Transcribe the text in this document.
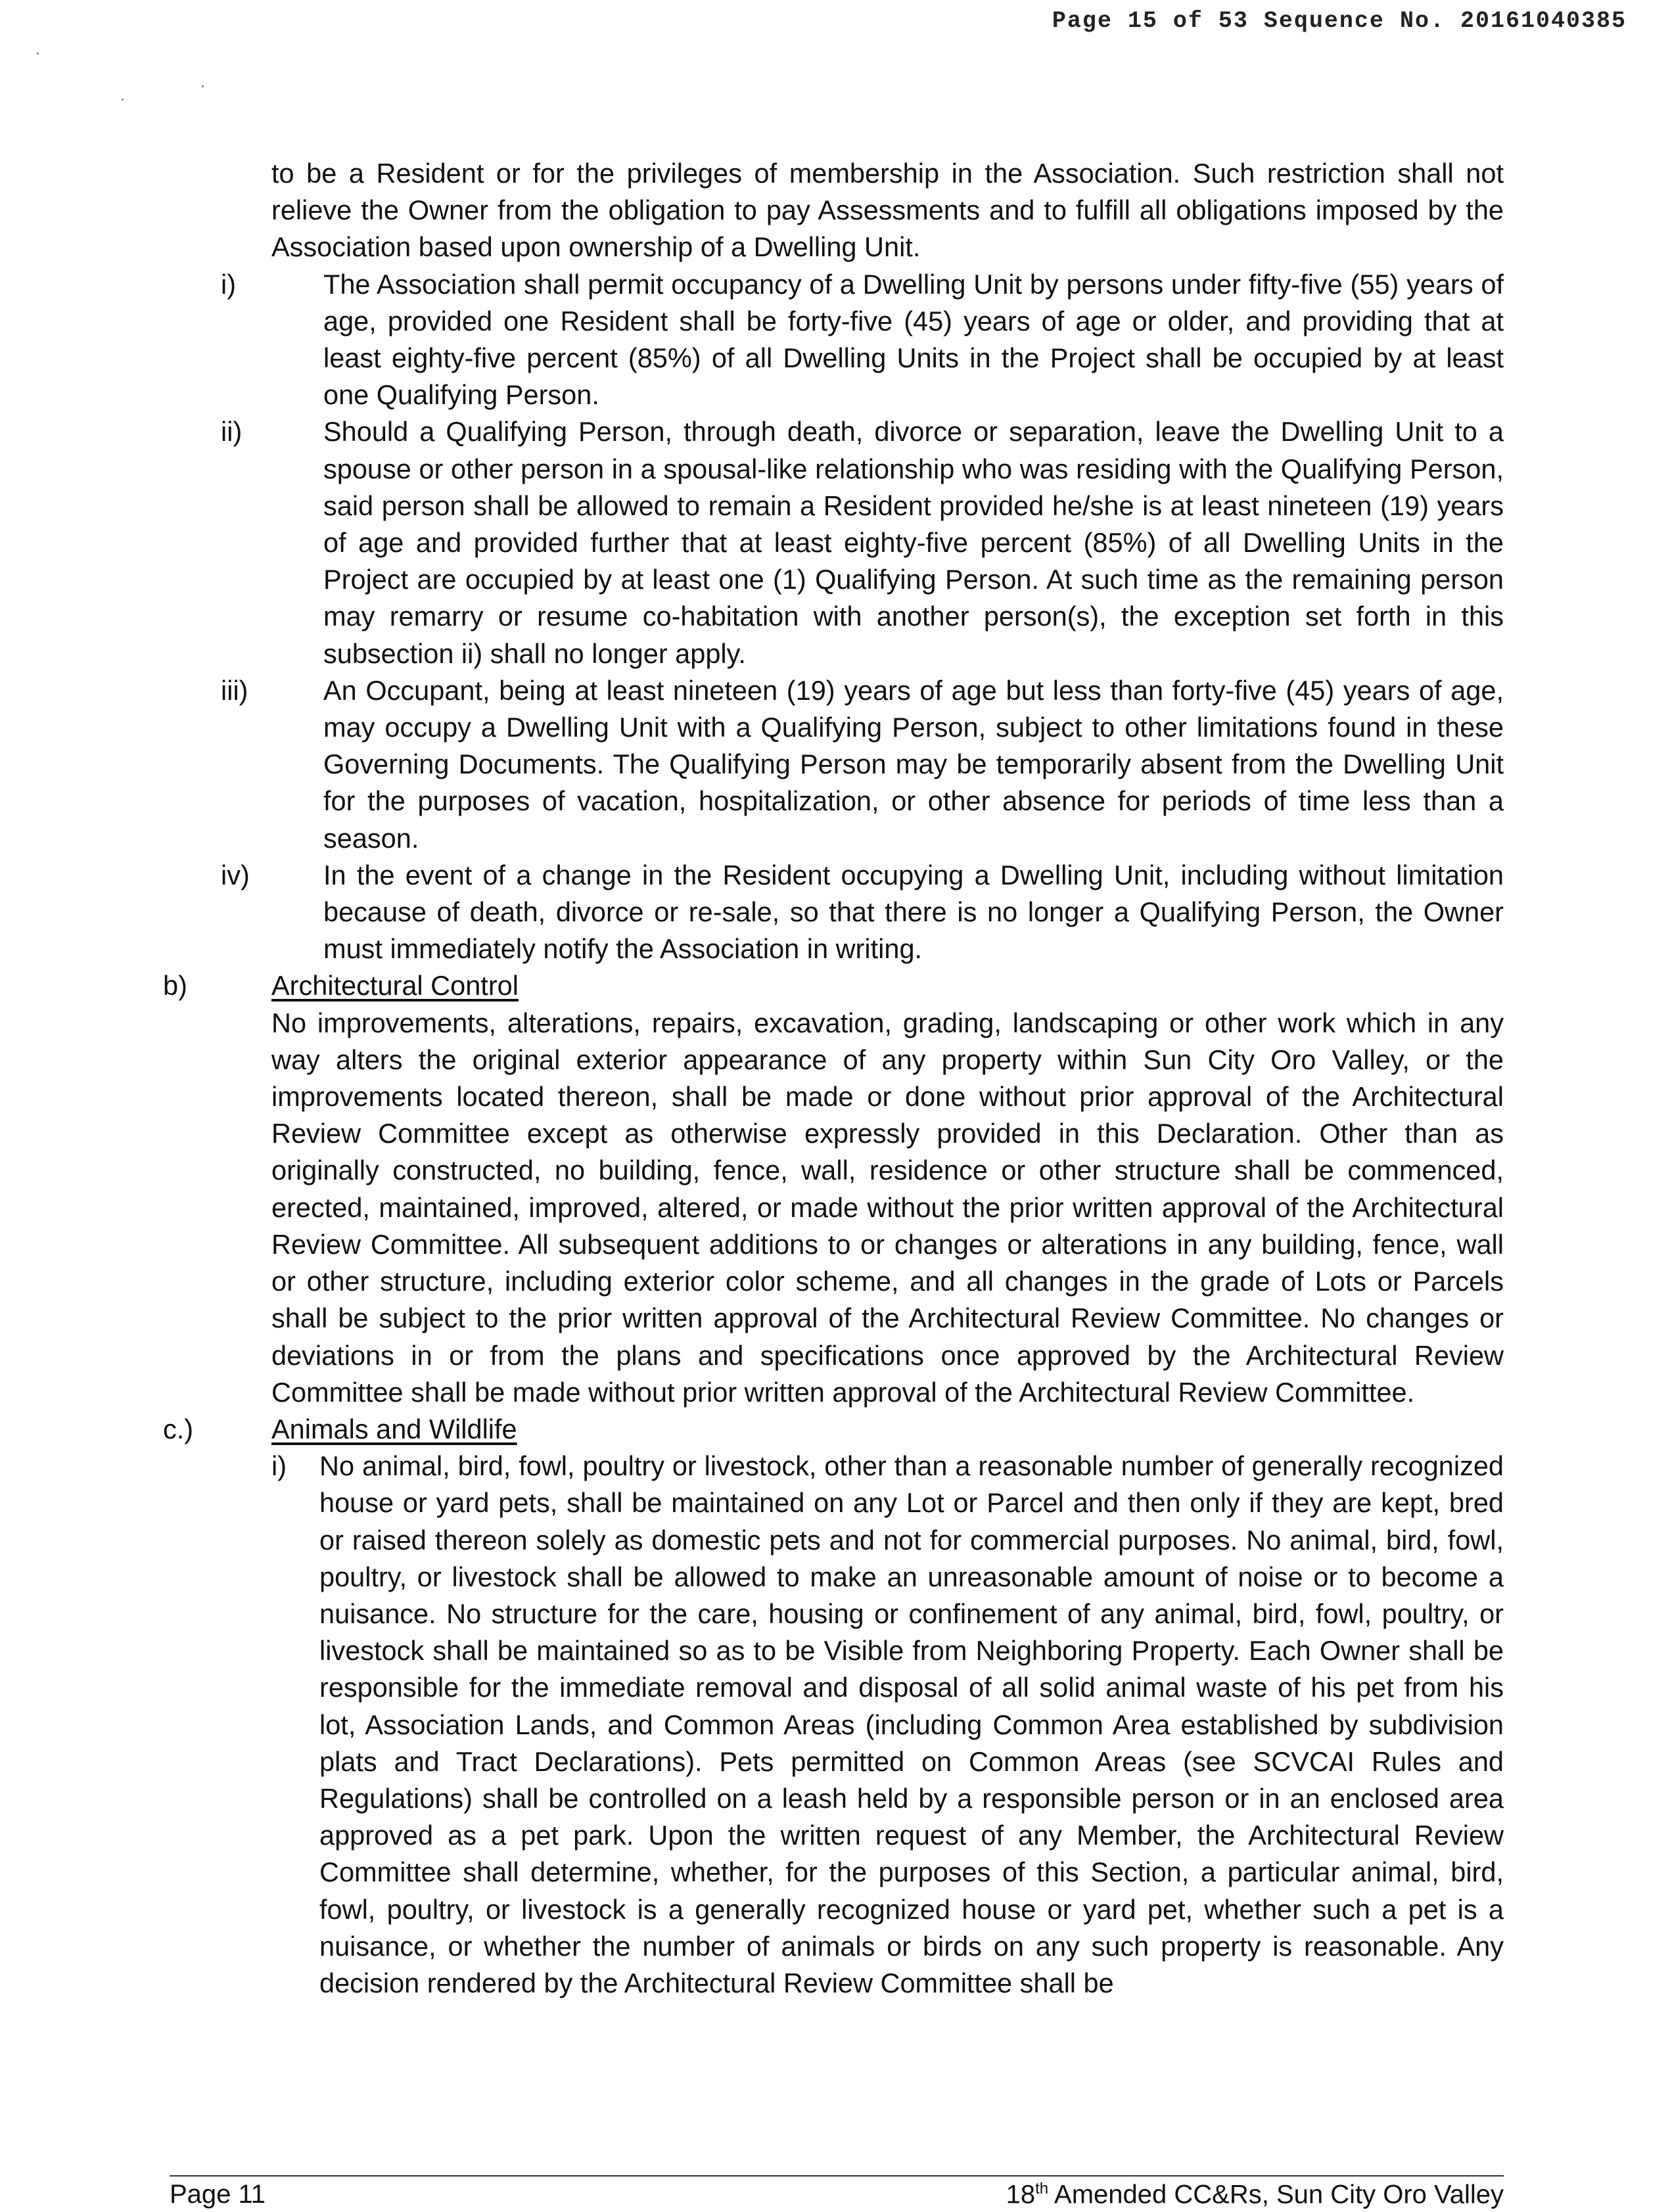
Page 15 of 53 Sequence No. 20161040385

to be a Resident or for the privileges of membership in the Association. Such restriction shall not relieve the Owner from the obligation to pay Assessments and to fulfill all obligations imposed by the Association based upon ownership of a Dwelling Unit.

i)	The Association shall permit occupancy of a Dwelling Unit by persons under fifty-five (55) years of age, provided one Resident shall be forty-five (45) years of age or older, and providing that at least eighty-five percent (85%) of all Dwelling Units in the Project shall be occupied by at least one Qualifying Person.

ii)	Should a Qualifying Person, through death, divorce or separation, leave the Dwelling Unit to a spouse or other person in a spousal-like relationship who was residing with the Qualifying Person, said person shall be allowed to remain a Resident provided he/she is at least nineteen (19) years of age and provided further that at least eighty-five percent (85%) of all Dwelling Units in the Project are occupied by at least one (1) Qualifying Person. At such time as the remaining person may remarry or resume co-habitation with another person(s), the exception set forth in this subsection ii) shall no longer apply.

iii)	An Occupant, being at least nineteen (19) years of age but less than forty-five (45) years of age, may occupy a Dwelling Unit with a Qualifying Person, subject to other limitations found in these Governing Documents. The Qualifying Person may be temporarily absent from the Dwelling Unit for the purposes of vacation, hospitalization, or other absence for periods of time less than a season.

iv)	In the event of a change in the Resident occupying a Dwelling Unit, including without limitation because of death, divorce or re-sale, so that there is no longer a Qualifying Person, the Owner must immediately notify the Association in writing.

b)	Architectural Control

No improvements, alterations, repairs, excavation, grading, landscaping or other work which in any way alters the original exterior appearance of any property within Sun City Oro Valley, or the improvements located thereon, shall be made or done without prior approval of the Architectural Review Committee except as otherwise expressly provided in this Declaration. Other than as originally constructed, no building, fence, wall, residence or other structure shall be commenced, erected, maintained, improved, altered, or made without the prior written approval of the Architectural Review Committee. All subsequent additions to or changes or alterations in any building, fence, wall or other structure, including exterior color scheme, and all changes in the grade of Lots or Parcels shall be subject to the prior written approval of the Architectural Review Committee. No changes or deviations in or from the plans and specifications once approved by the Architectural Review Committee shall be made without prior written approval of the Architectural Review Committee.

c.)	Animals and Wildlife

i) No animal, bird, fowl, poultry or livestock, other than a reasonable number of generally recognized house or yard pets, shall be maintained on any Lot or Parcel and then only if they are kept, bred or raised thereon solely as domestic pets and not for commercial purposes. No animal, bird, fowl, poultry, or livestock shall be allowed to make an unreasonable amount of noise or to become a nuisance. No structure for the care, housing or confinement of any animal, bird, fowl, poultry, or livestock shall be maintained so as to be Visible from Neighboring Property. Each Owner shall be responsible for the immediate removal and disposal of all solid animal waste of his pet from his lot, Association Lands, and Common Areas (including Common Area established by subdivision plats and Tract Declarations). Pets permitted on Common Areas (see SCVCAI Rules and Regulations) shall be controlled on a leash held by a responsible person or in an enclosed area approved as a pet park. Upon the written request of any Member, the Architectural Review Committee shall determine, whether, for the purposes of this Section, a particular animal, bird, fowl, poultry, or livestock is a generally recognized house or yard pet, whether such a pet is a nuisance, or whether the number of animals or birds on any such property is reasonable. Any decision rendered by the Architectural Review Committee shall be

Page 11	18th Amended CC&Rs, Sun City Oro Valley
